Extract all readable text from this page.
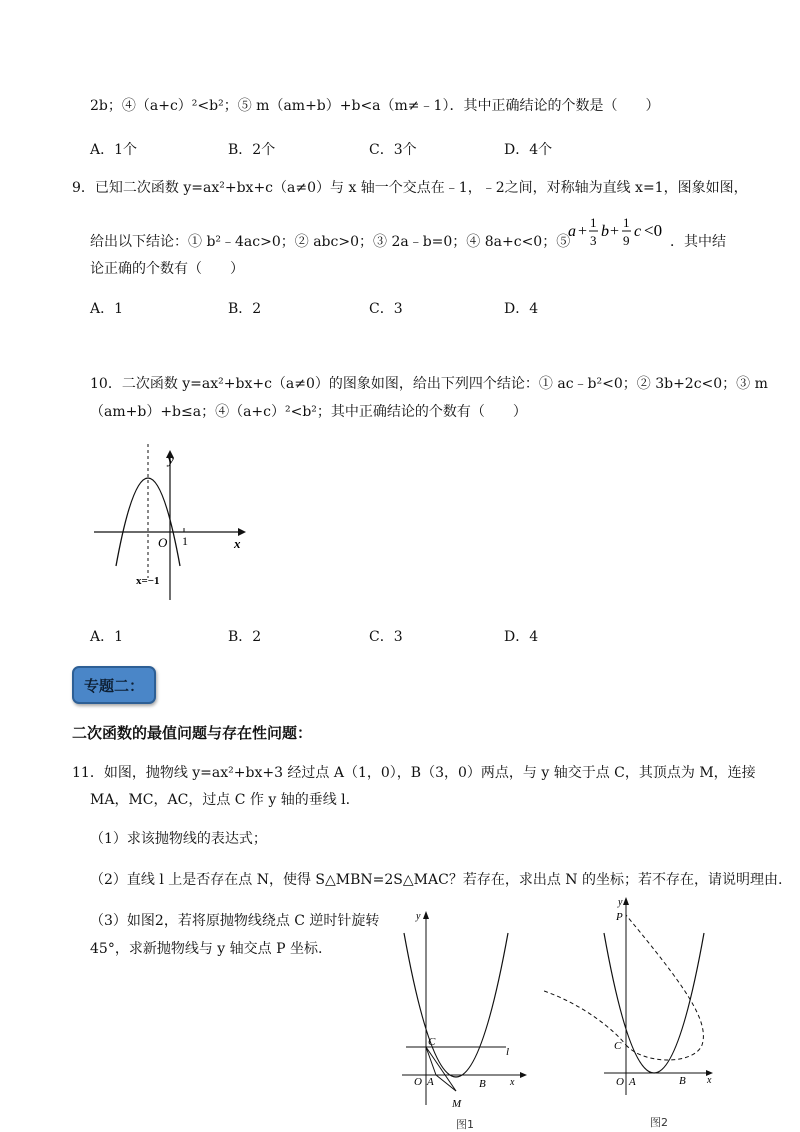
2b；④（a+c）²<b²；⑤ m（am+b）+b<a（m≠﹣1）．其中正确结论的个数是（　　）
A．1个	B．2个	C．3个	D．4个
9．已知二次函数 y=ax²+bx+c（a≠0）与 x 轴一个交点在﹣1，﹣2之间，对称轴为直线 x=1，图象如图，
给出以下结论：① b²﹣4ac>0；② abc>0；③ 2a﹣b=0；④ 8a+c<0；⑤
a +
1
3
b +
1
9
c <0
．其中结
论正确的个数有（　　）
A．1	B．2	C．3	D．4
10．二次函数 y=ax²+bx+c（a≠0）的图象如图，给出下列四个结论：① ac﹣b²<0；② 3b+2c<0；③ m
（am+b）+b≤a；④（a+c）²<b²；其中正确结论的个数有（　　）
y
x
O 1
x=−1
A．1	B．2	C．3	D．4
专题二：
二次函数的最值问题与存在性问题：
11．如图，抛物线 y=ax²+bx+3 经过点 A（1，0），B（3，0）两点，与 y 轴交于点 C，其顶点为 M，连接
MA，MC，AC，过点 C 作 y 轴的垂线 l.
（1）求该抛物线的表达式；
（2）直线 l 上是否存在点 N，使得 S△MBN=2S△MAC？若存在，求出点 N 的坐标；若不存在，请说明理由.
（3）如图2，若将原抛物线绕点 C 逆时针旋转
45°，求新抛物线与 y 轴交点 P 坐标.
y
x
C
O A	B
M
l
图1
y
x
P
C
O A	B
图2
